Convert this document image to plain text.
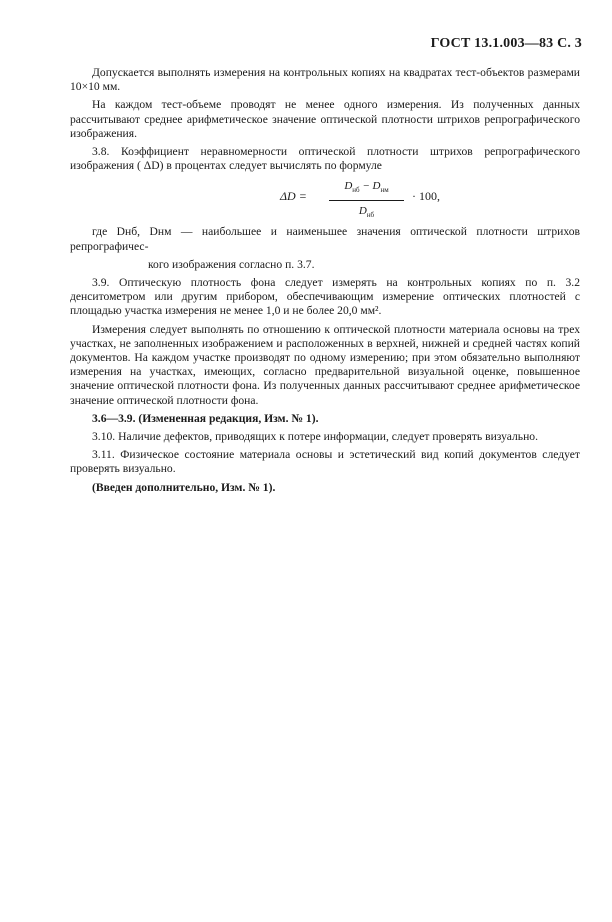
ГОСТ 13.1.003—83 С. 3

Допускается выполнять измерения на контрольных копиях на квадратах тест-объектов размерами 10×10 мм.

На каждом тест-объеме проводят не менее одного измерения. Из полученных данных рассчитывают среднее арифметическое значение оптической плотности штрихов репрографического изображения.

3.8. Коэффициент неравномерности оптической плотности штрихов репрографического изображения ( ΔD) в процентах следует вычислять по формуле

ΔD =
$D_{нб} - D_{нм}$
$D_{нб}$
· 100,

где Dнб, Dнм — наибольшее и наименьшее значения оптической плотности штрихов репрографичес-

кого изображения согласно п. 3.7.

3.9. Оптическую плотность фона следует измерять на контрольных копиях по п. 3.2 денситометром или другим прибором, обеспечивающим измерение оптических плотностей с площадью участка измерения не менее 1,0 и не более 20,0 мм².

Измерения следует выполнять по отношению к оптической плотности материала основы на трех участках, не заполненных изображением и расположенных в верхней, нижней и средней частях копий документов. На каждом участке производят по одному измерению; при этом обязательно выполняют измерения на участках, имеющих, согласно предварительной визуальной оценке, повышенное значение оптической плотности фона. Из полученных данных рассчитывают среднее арифметическое значение оптической плотности фона.

3.6—3.9. (Измененная редакция, Изм. № 1).

3.10. Наличие дефектов, приводящих к потере информации, следует проверять визуально.

3.11. Физическое состояние материала основы и эстетический вид копий документов следует проверять визуально.

(Введен дополнительно, Изм. № 1).
